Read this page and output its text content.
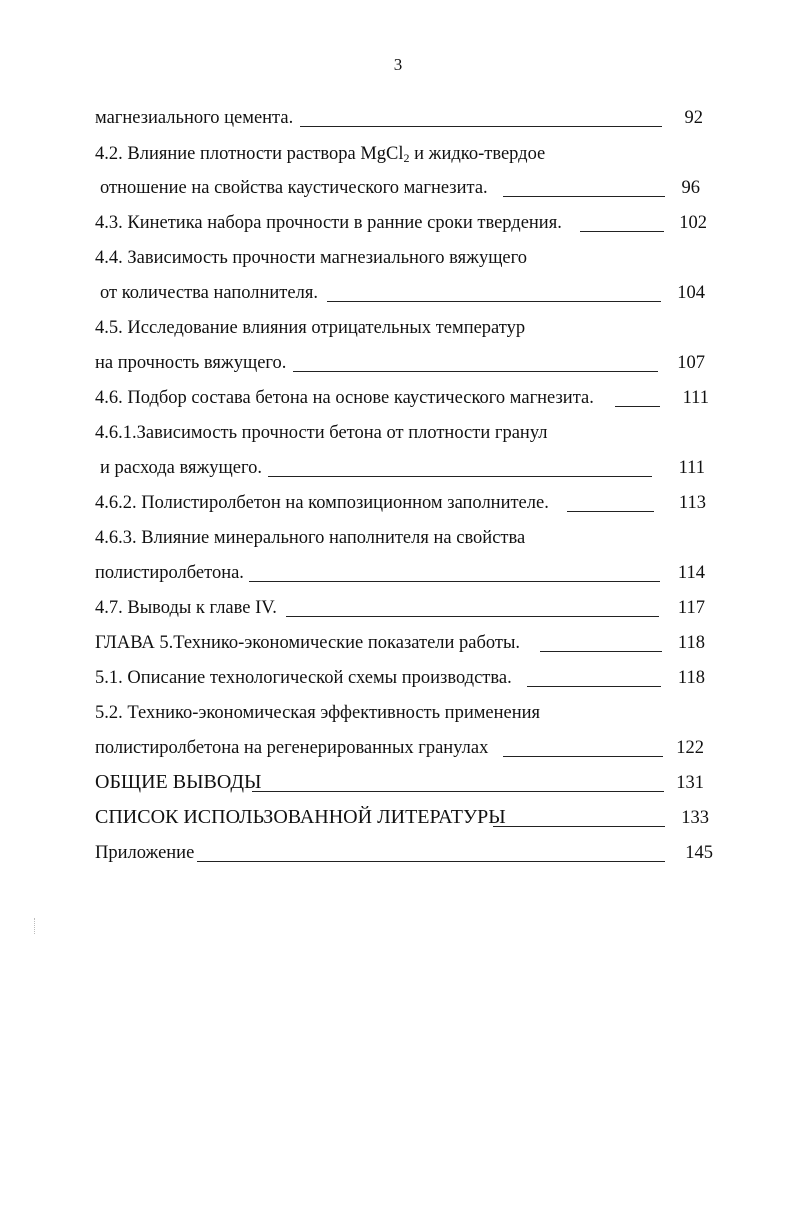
3
магнезиального цемента.	92
4.2. Влияние плотности раствора MgCl$_2$ и жидко-твердое
отношение на свойства каустического магнезита.	96
4.3. Кинетика набора прочности в ранние сроки твердения.	102
4.4. Зависимость прочности магнезиального вяжущего
от количества наполнителя.	104
4.5. Исследование влияния отрицательных температур
на прочность вяжущего.	107
4.6. Подбор состава бетона на основе каустического магнезита.	111
4.6.1.Зависимость прочности бетона от плотности гранул
и расхода вяжущего.	111
4.6.2. Полистиролбетон на композиционном заполнителе.	113
4.6.3. Влияние минерального наполнителя на свойства
полистиролбетона.	114
4.7. Выводы к главе IV.	117
ГЛАВА 5.Технико-экономические показатели работы.	118
5.1. Описание технологической схемы производства.	118
5.2. Технико-экономическая эффективность применения
полистиролбетона на регенерированных гранулах	122
ОБЩИЕ ВЫВОДЫ	131
СПИСОК ИСПОЛЬЗОВАННОЙ ЛИТЕРАТУРЫ	133
Приложение	145
